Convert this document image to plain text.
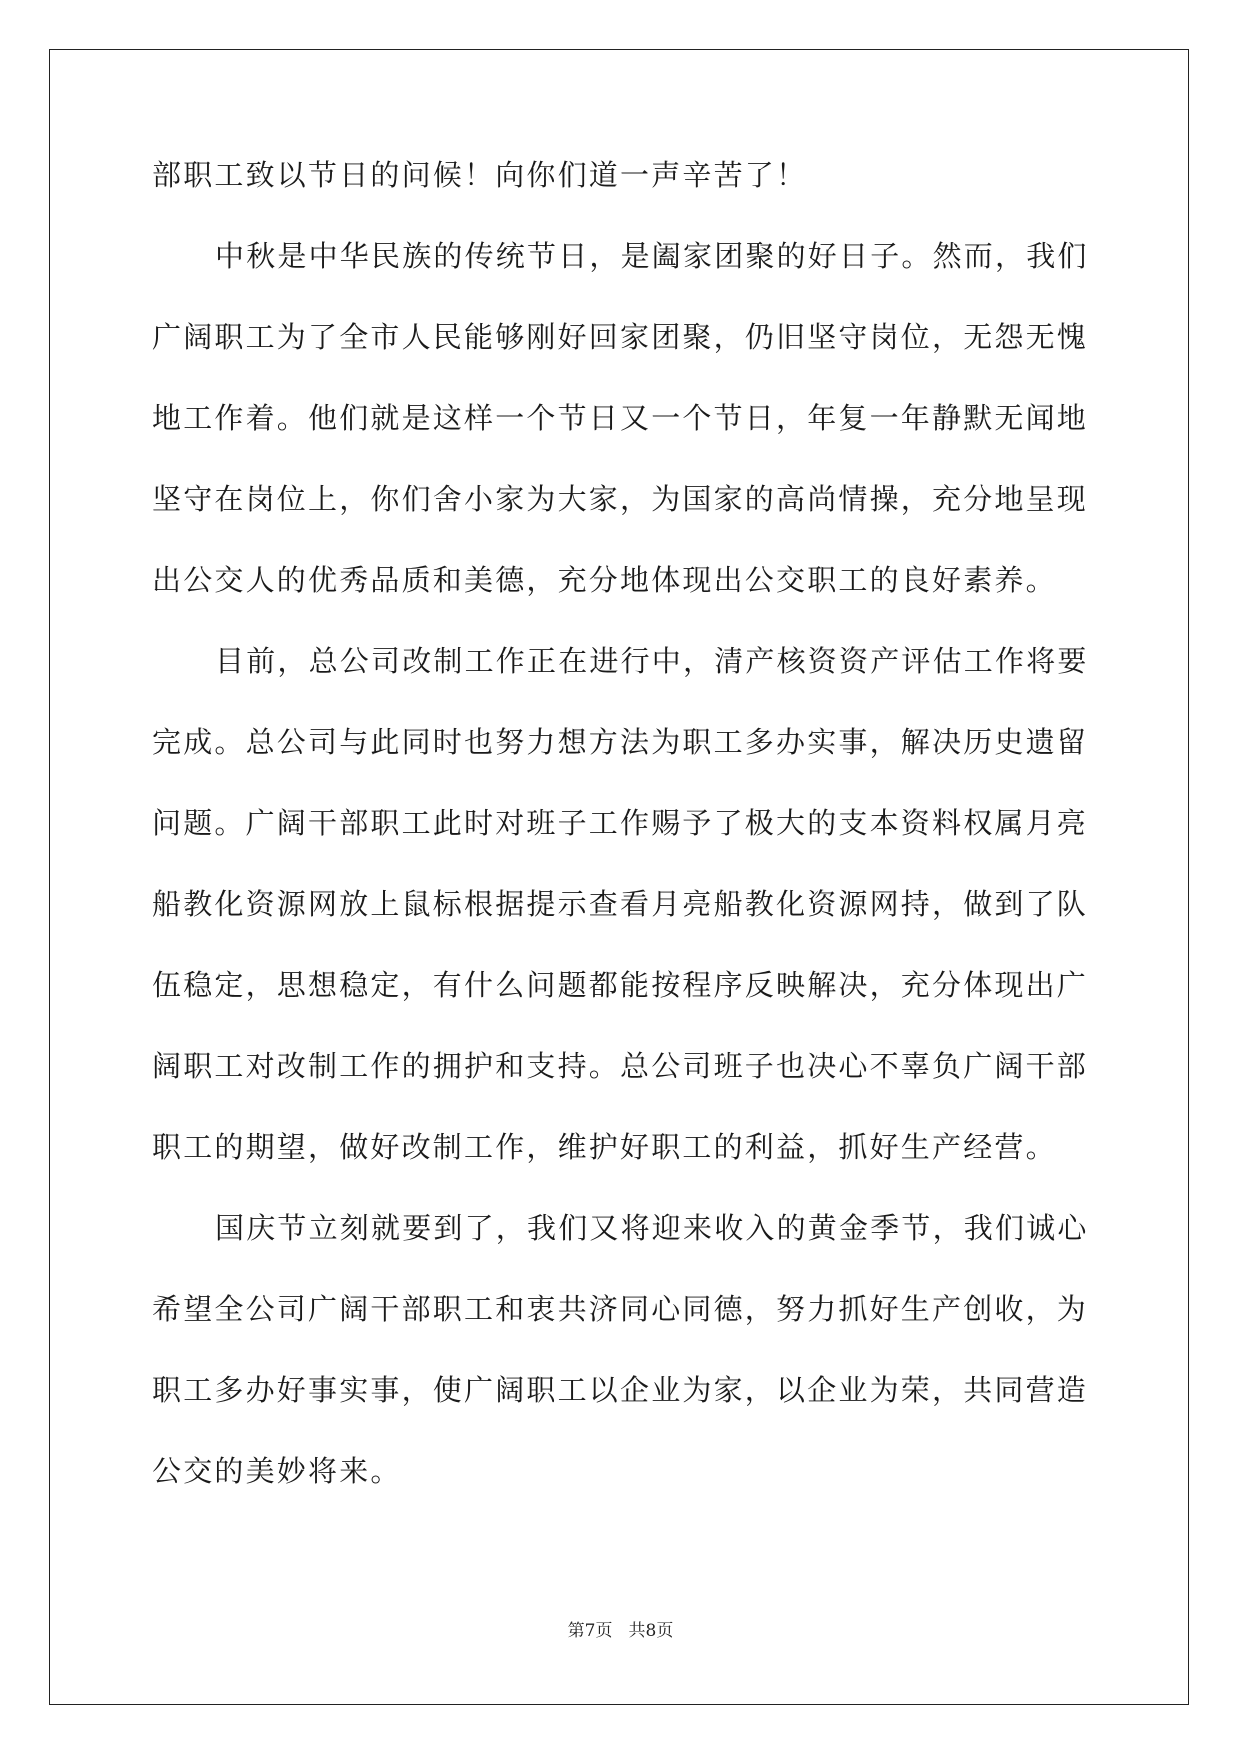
部职工致以节日的问候！向你们道一声辛苦了！
中秋是中华民族的传统节日，是阖家团聚的好日子。然而，我们
广阔职工为了全市人民能够刚好回家团聚，仍旧坚守岗位，无怨无愧
地工作着。他们就是这样一个节日又一个节日，年复一年静默无闻地
坚守在岗位上，你们舍小家为大家，为国家的高尚情操，充分地呈现
出公交人的优秀品质和美德，充分地体现出公交职工的良好素养。
目前，总公司改制工作正在进行中，清产核资资产评估工作将要
完成。总公司与此同时也努力想方法为职工多办实事，解决历史遗留
问题。广阔干部职工此时对班子工作赐予了极大的支本资料权属月亮
船教化资源网放上鼠标根据提示查看月亮船教化资源网持，做到了队
伍稳定，思想稳定，有什么问题都能按程序反映解决，充分体现出广
阔职工对改制工作的拥护和支持。总公司班子也决心不辜负广阔干部
职工的期望，做好改制工作，维护好职工的利益，抓好生产经营。
国庆节立刻就要到了，我们又将迎来收入的黄金季节，我们诚心
希望全公司广阔干部职工和衷共济同心同德，努力抓好生产创收，为
职工多办好事实事，使广阔职工以企业为家，以企业为荣，共同营造
公交的美妙将来。
第7页 共8页
